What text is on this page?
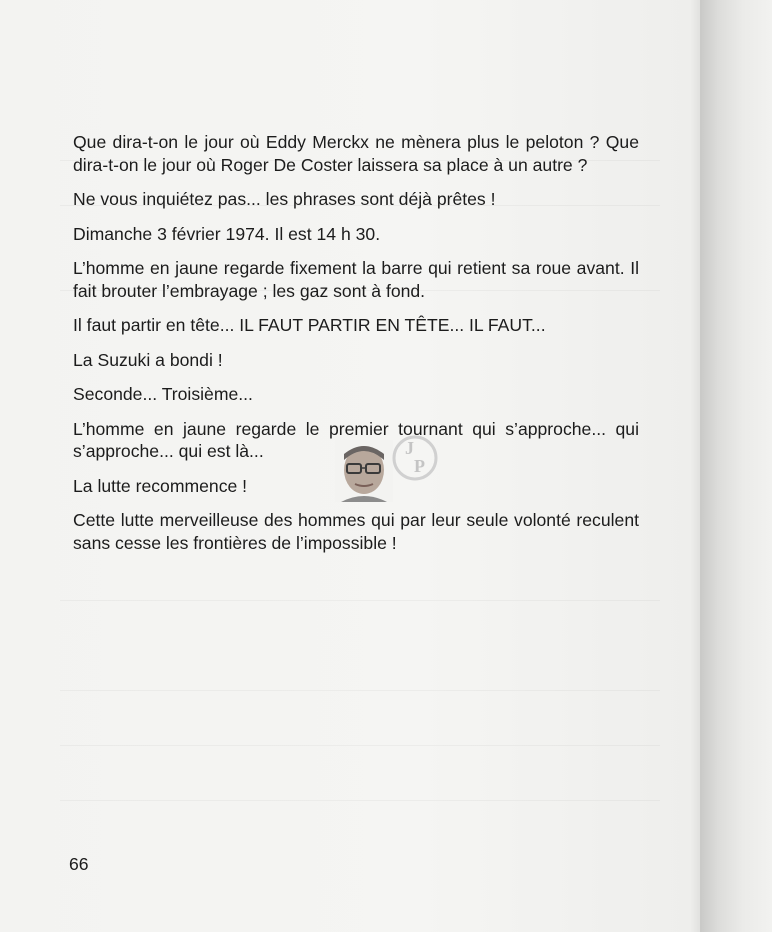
Que dira-t-on le jour où Eddy Merckx ne mènera plus le peloton ? Que dira-t-on le jour où Roger De Coster laissera sa place à un autre ?

Ne vous inquiétez pas... les phrases sont déjà prêtes !

Dimanche 3 février 1974. Il est 14 h 30.

L’homme en jaune regarde fixement la barre qui retient sa roue avant. Il fait brouter l’embrayage ; les gaz sont à fond.

Il faut partir en tête... IL FAUT PARTIR EN TÊTE... IL FAUT...

La Suzuki a bondi !

Seconde... Troisième...

L’homme en jaune regarde le premier tournant qui s’approche... qui s’approche... qui est là...

La lutte recommence !

Cette lutte merveilleuse des hommes qui par leur seule volonté reculent sans cesse les frontières de l’impossible !

J
P
66
